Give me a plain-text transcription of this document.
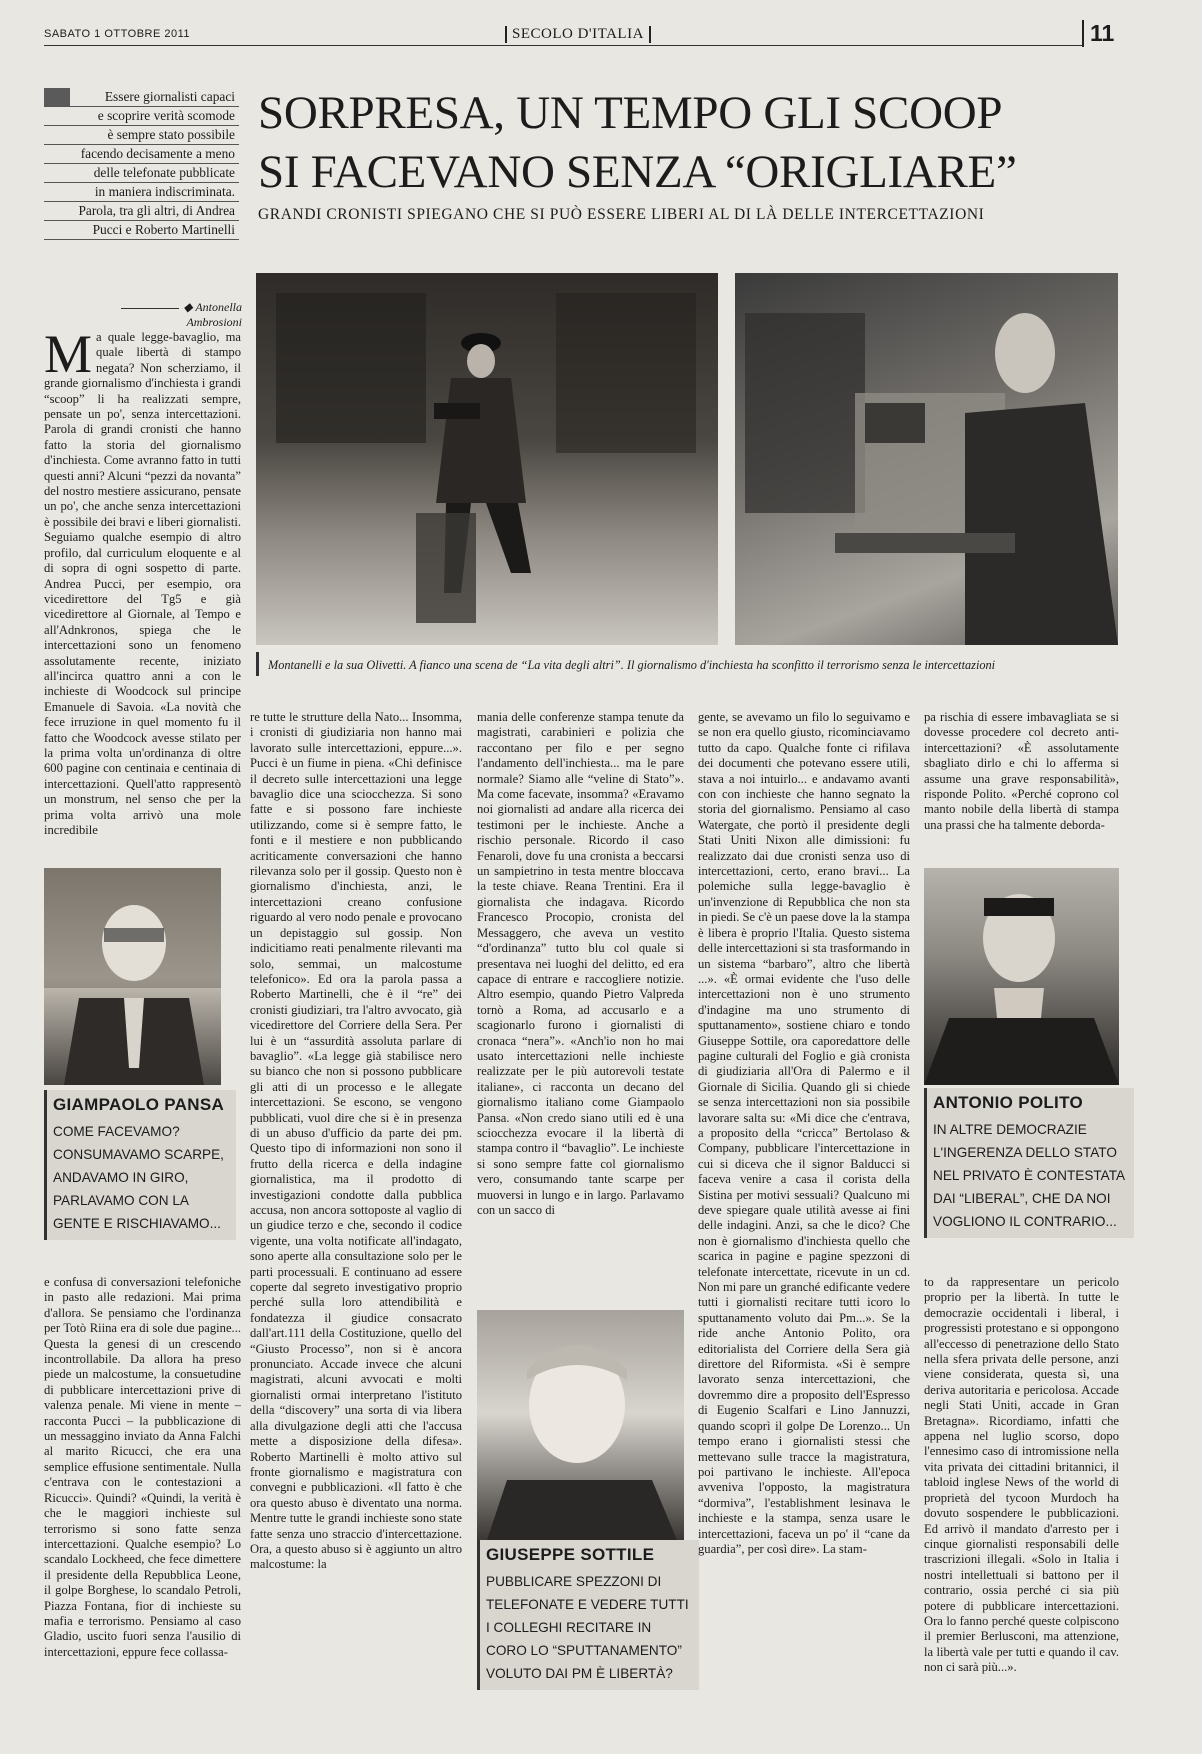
SABATO 1 OTTOBRE 2011	SECOLO D'ITALIA	11
Essere giornalisti capaci
e scoprire verità scomode
è sempre stato possibile
facendo decisamente a meno
delle telefonate pubblicate
in maniera indiscriminata.
Parola, tra gli altri, di Andrea
Pucci e Roberto Martinelli
SORPRESA, UN TEMPO GLI SCOOP
SI FACEVANO SENZA “ORIGLIARE”
GRANDI CRONISTI SPIEGANO CHE SI PUÒ ESSERE LIBERI AL DI LÀ DELLE INTERCETTAZIONI
◆ Antonella Ambrosioni
Montanelli e la sua Olivetti. A fianco una scena de “La vita degli altri”. Il giornalismo d'inchiesta ha sconfitto il terrorismo senza le intercettazioni
GIAMPAOLO PANSA
COME FACEVAMO? CONSUMAVAMO SCARPE, ANDAVAMO IN GIRO, PARLAVAMO CON LA GENTE E RISCHIAVAMO...
ANTONIO POLITO
IN ALTRE DEMOCRAZIE L'INGERENZA DELLO STATO NEL PRIVATO È CONTESTATA DAI “LIBERAL”, CHE DA NOI VOGLIONO IL CONTRARIO...
GIUSEPPE SOTTILE
PUBBLICARE SPEZZONI DI TELEFONATE E VEDERE TUTTI I COLLEGHI RECITARE IN CORO LO “SPUTTANAMENTO” VOLUTO DAI PM È LIBERTÀ?
Ma quale legge-bavaglio, ma quale libertà di stampo negata? Non scherziamo, il grande giornalismo d'inchiesta i grandi “scoop” li ha realizzati sempre, pensate un po', senza intercettazioni. Parola di grandi cronisti che hanno fatto la storia del giornalismo d'inchiesta. Come avranno fatto in tutti questi anni? Alcuni “pezzi da novanta” del nostro mestiere assicurano, pensate un po', che anche senza intercettazioni è possibile dei bravi e liberi giornalisti. Seguiamo qualche esempio di altro profilo, dal curriculum eloquente e al di sopra di ogni sospetto di parte. Andrea Pucci, per esempio, ora vicedirettore del Tg5 e già vicedirettore al Giornale, al Tempo e all'Adnkronos, spiega che le intercettazioni sono un fenomeno assolutamente recente, iniziato all'incirca quattro anni a con le inchieste di Woodcock sul principe Emanuele di Savoia. «La novità che fece irruzione in quel momento fu il fatto che Woodcock avesse stilato per la prima volta un'ordinanza di oltre 600 pagine con centinaia e centinaia di intercettazioni. Quell'atto rappresentò un monstrum, nel senso che per la prima volta arrivò una mole incredibile
e confusa di conversazioni telefoniche in pasto alle redazioni. Mai prima d'allora. Se pensiamo che l'ordinanza per Totò Riina era di sole due pagine... Questa la genesi di un crescendo incontrollabile. Da allora ha preso piede un malcostume, la consuetudine di pubblicare intercettazioni prive di valenza penale. Mi viene in mente – racconta Pucci – la pubblicazione di un messaggino inviato da Anna Falchi al marito Ricucci, che era una semplice effusione sentimentale. Nulla c'entrava con le contestazioni a Ricucci». Quindi? «Quindi, la verità è che le maggiori inchieste sul terrorismo si sono fatte senza intercettazioni. Qualche esempio? Lo scandalo Lockheed, che fece dimettere il presidente della Repubblica Leone, il golpe Borghese, lo scandalo Petroli, Piazza Fontana, fior di inchieste su mafia e terrorismo. Pensiamo al caso Gladio, uscito fuori senza l'ausilio di intercettazioni, eppure fece collassa-
re tutte le strutture della Nato... Insomma, i cronisti di giudiziaria non hanno mai lavorato sulle intercettazioni, eppure...». Pucci è un fiume in piena. «Chi definisce il decreto sulle intercettazioni una legge bavaglio dice una sciocchezza. Si sono fatte e si possono fare inchieste utilizzando, come si è sempre fatto, le fonti e il mestiere e non pubblicando acriticamente conversazioni che hanno rilevanza solo per il gossip. Questo non è giornalismo d'inchiesta, anzi, le intercettazioni creano confusione riguardo al vero nodo penale e provocano un depistaggio sul gossip. Non indicitiamo reati penalmente rilevanti ma solo, semmai, un malcostume telefonico». Ed ora la parola passa a Roberto Martinelli, che è il “re” dei cronisti giudiziari, tra l'altro avvocato, già vicedirettore del Corriere della Sera. Per lui è un “assurdità assoluta parlare di bavaglio”. «La legge già stabilisce nero su bianco che non si possono pubblicare gli atti di un processo e le allegate intercettazioni. Se escono, se vengono pubblicati, vuol dire che si è in presenza di un abuso d'ufficio da parte dei pm. Questo tipo di informazioni non sono il frutto della ricerca e della indagine giornalistica, ma il prodotto di investigazioni condotte dalla pubblica accusa, non ancora sottoposte al vaglio di un giudice terzo e che, secondo il codice vigente, una volta notificate all'indagato, sono aperte alla consultazione solo per le parti processuali. E continuano ad essere coperte dal segreto investigativo proprio perché sulla loro attendibilità e fondatezza il giudice consacrato dall'art.111 della Costituzione, quello del “Giusto Processo”, non si è ancora pronunciato. Accade invece che alcuni magistrati, alcuni avvocati e molti giornalisti ormai interpretano l'istituto della “discovery” una sorta di via libera alla divulgazione degli atti che l'accusa mette a disposizione della difesa». Roberto Martinelli è molto attivo sul fronte giornalismo e magistratura con convegni e pubblicazioni. «Il fatto è che ora questo abuso è diventato una norma. Mentre tutte le grandi inchieste sono state fatte senza uno straccio d'intercettazione. Ora, a questo abuso si è aggiunto un altro malcostume: la
mania delle conferenze stampa tenute da magistrati, carabinieri e polizia che raccontano per filo e per segno l'andamento dell'inchiesta... ma le pare normale? Siamo alle “veline di Stato”». Ma come facevate, insomma? «Eravamo noi giornalisti ad andare alla ricerca dei testimoni per le inchieste. Anche a rischio personale. Ricordo il caso Fenaroli, dove fu una cronista a beccarsi un sampietrino in testa mentre bloccava la teste chiave. Reana Trentini. Era il giornalista che indagava. Ricordo Francesco Procopio, cronista del Messaggero, che aveva un vestito “d'ordinanza” tutto blu col quale si presentava nei luoghi del delitto, ed era capace di entrare e raccogliere notizie. Altro esempio, quando Pietro Valpreda tornò a Roma, ad accusarlo e a scagionarlo furono i giornalisti di cronaca “nera”». «Anch'io non ho mai usato intercettazioni nelle inchieste realizzate per le più autorevoli testate italiane», ci racconta un decano del giornalismo italiano come Giampaolo Pansa. «Non credo siano utili ed è una sciocchezza evocare il la libertà di stampa contro il “bavaglio”. Le inchieste si sono sempre fatte col giornalismo vero, consumando tante scarpe per muoversi in lungo e in largo. Parlavamo con un sacco di
gente, se avevamo un filo lo seguivamo e se non era quello giusto, ricominciavamo tutto da capo. Qualche fonte ci rifilava dei documenti che potevano essere utili, stava a noi intuirlo... e andavamo avanti con con inchieste che hanno segnato la storia del giornalismo. Pensiamo al caso Watergate, che portò il presidente degli Stati Uniti Nixon alle dimissioni: fu realizzato dai due cronisti senza uso di intercettazioni, certo, erano bravi... La polemiche sulla legge-bavaglio è un'invenzione di Repubblica che non sta in piedi. Se c'è un paese dove la la stampa è libera è proprio l'Italia. Questo sistema delle intercettazioni si sta trasformando in un sistema “barbaro”, altro che libertà ...». «È ormai evidente che l'uso delle intercettazioni non è uno strumento d'indagine ma uno strumento di sputtanamento», sostiene chiaro e tondo Giuseppe Sottile, ora caporedattore delle pagine culturali del Foglio e già cronista di giudiziaria all'Ora di Palermo e il Giornale di Sicilia. Quando gli si chiede se senza intercettazioni non sia possibile lavorare salta su: «Mi dice che c'entrava, a proposito della “cricca” Bertolaso & Company, pubblicare l'intercettazione in cui si diceva che il signor Balducci si faceva venire a casa il corista della Sistina per motivi sessuali? Qualcuno mi deve spiegare quale utilità avesse ai fini delle indagini. Anzi, sa che le dico? Che non è giornalismo d'inchiesta quello che scarica in pagine e pagine spezzoni di telefonate intercettate, ricevute in un cd. Non mi pare un granché edificante vedere tutti i giornalisti recitare tutti icoro lo sputtanamento voluto dai Pm...». Se la ride anche Antonio Polito, ora editorialista del Corriere della Sera già direttore del Riformista. «Si è sempre lavorato senza intercettazioni, che dovremmo dire a proposito dell'Espresso di Eugenio Scalfari e Lino Jannuzzi, quando scoprì il golpe De Lorenzo... Un tempo erano i giornalisti stessi che mettevano sulle tracce la magistratura, poi partivano le inchieste. All'epoca avveniva l'opposto, la magistratura “dormiva”, l'establishment lesinava le inchieste e la stampa, senza usare le intercettazioni, faceva un po' il “cane da guardia”, per così dire». La stam-
pa rischia di essere imbavagliata se si dovesse procedere col decreto anti-intercettazioni? «È assolutamente sbagliato dirlo e chi lo afferma si assume una grave responsabilità», risponde Polito. «Perché coprono col manto nobile della libertà di stampa una prassi che ha talmente deborda-
to da rappresentare un pericolo proprio per la libertà. In tutte le democrazie occidentali i liberal, i progressisti protestano e si oppongono all'eccesso di penetrazione dello Stato nella sfera privata delle persone, anzi viene considerata, questa sì, una deriva autoritaria e pericolosa. Accade negli Stati Uniti, accade in Gran Bretagna». Ricordiamo, infatti che appena nel luglio scorso, dopo l'ennesimo caso di intromissione nella vita privata dei cittadini britannici, il tabloid inglese News of the world di proprietà del tycoon Murdoch ha dovuto sospendere le pubblicazioni. Ed arrivò il mandato d'arresto per i cinque giornalisti responsabili delle trascrizioni illegali. «Solo in Italia i nostri intellettuali si battono per il contrario, ossia perché ci sia più potere di pubblicare intercettazioni. Ora lo fanno perché queste colpiscono il premier Berlusconi, ma attenzione, la libertà vale per tutti e quando il cav. non ci sarà più...».
